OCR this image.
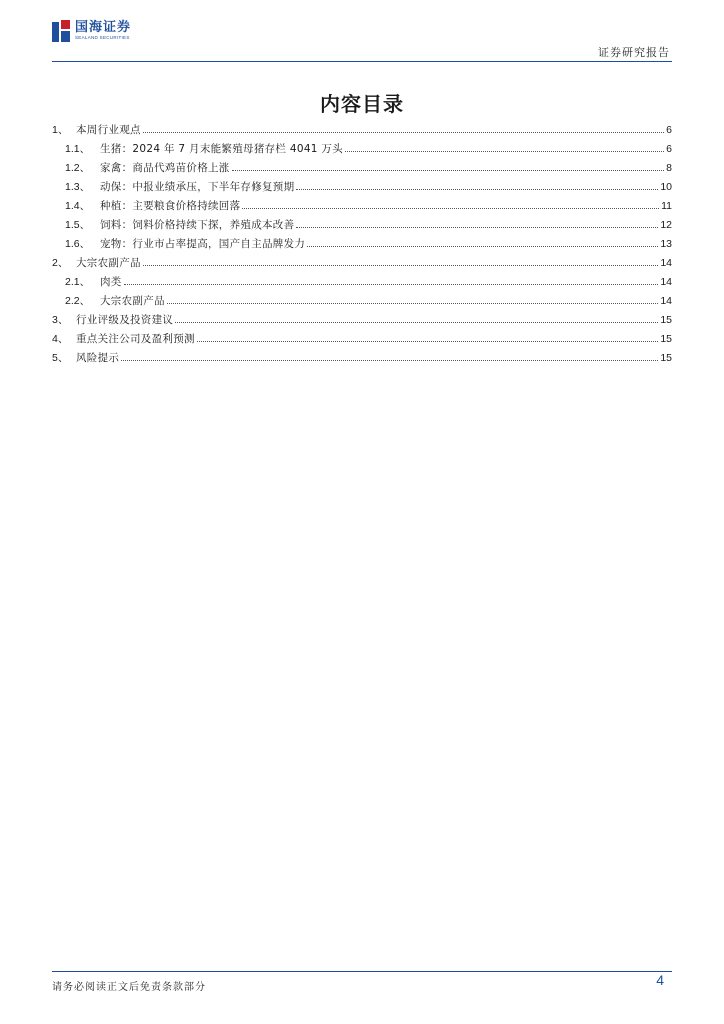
国海证券
SEALAND SECURITIES
证券研究报告
内容目录
1、 本周行业观点	6
1.1、 生猪：2024 年 7 月末能繁殖母猪存栏 4041 万头	6
1.2、 家禽：商品代鸡苗价格上涨	8
1.3、 动保：中报业绩承压，下半年存修复预期	10
1.4、 种植：主要粮食价格持续回落	11
1.5、 饲料：饲料价格持续下探，养殖成本改善	12
1.6、 宠物：行业市占率提高，国产自主品牌发力	13
2、 大宗农副产品	14
2.1、 肉类	14
2.2、 大宗农副产品	14
3、 行业评级及投资建议	15
4、 重点关注公司及盈利预测	15
5、 风险提示	15
请务必阅读正文后免责条款部分	4
